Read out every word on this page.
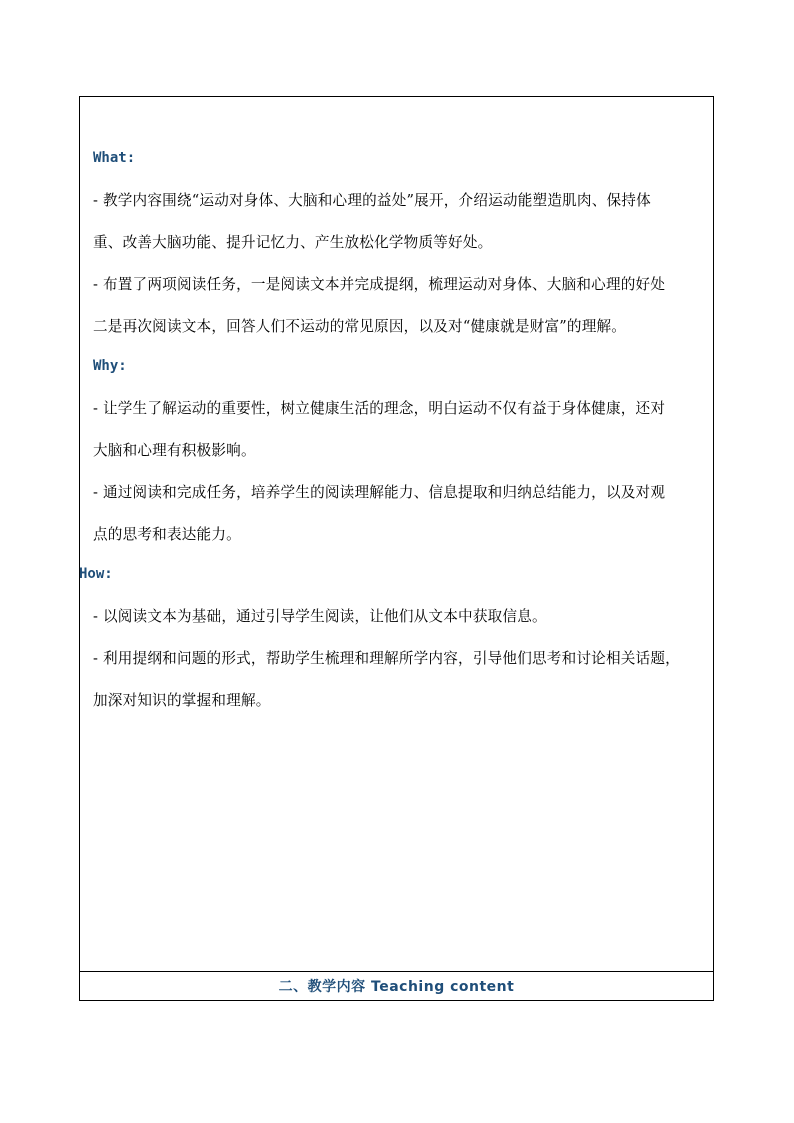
二、教学内容 Teaching content
What:
- 教学内容围绕“运动对身体、大脑和心理的益处”展开，介绍运动能塑造肌肉、保持体
重、改善大脑功能、提升记忆力、产生放松化学物质等好处。
- 布置了两项阅读任务，一是阅读文本并完成提纲，梳理运动对身体、大脑和心理的好处
二是再次阅读文本，回答人们不运动的常见原因，以及对“健康就是财富”的理解。
Why:
- 让学生了解运动的重要性，树立健康生活的理念，明白运动不仅有益于身体健康，还对
大脑和心理有积极影响。
- 通过阅读和完成任务，培养学生的阅读理解能力、信息提取和归纳总结能力，以及对观
点的思考和表达能力。
How:
- 以阅读文本为基础，通过引导学生阅读，让他们从文本中获取信息。
- 利用提纲和问题的形式，帮助学生梳理和理解所学内容，引导他们思考和讨论相关话题，
加深对知识的掌握和理解。
